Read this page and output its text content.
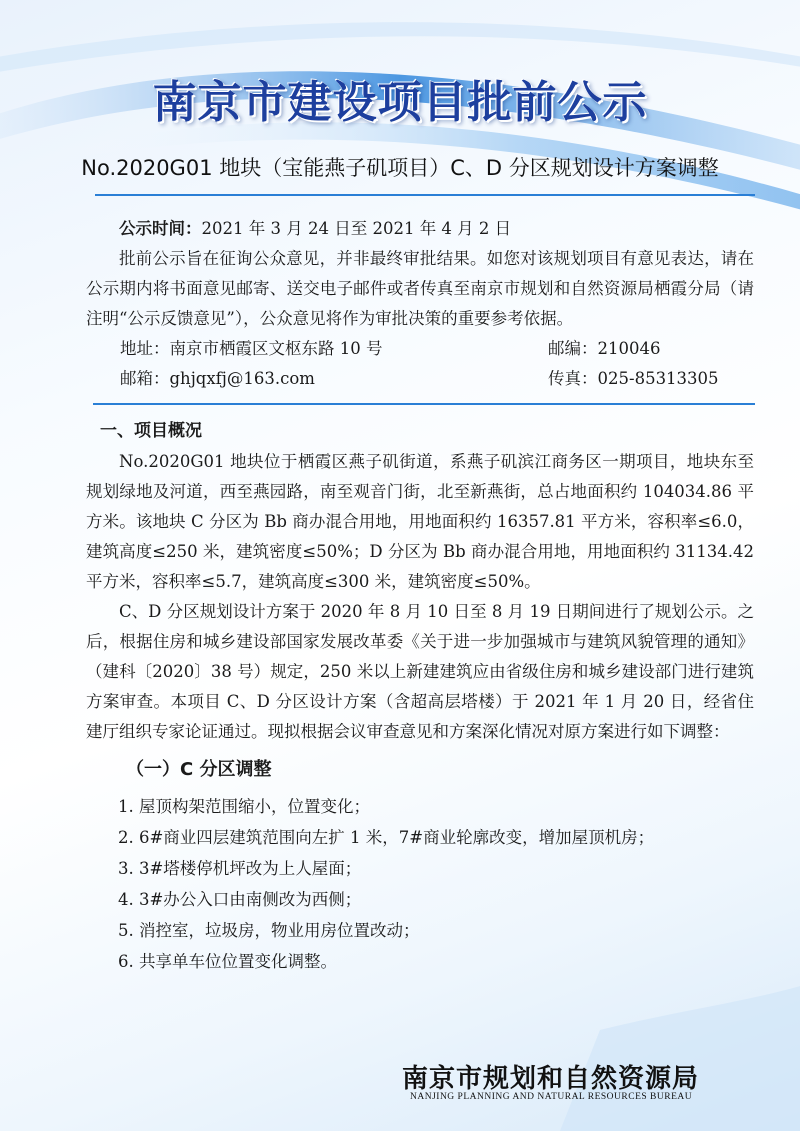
南京市建设项目批前公示
No.2020G01 地块（宝能燕子矶项目）C、D 分区规划设计方案调整

公示时间：2021 年 3 月 24 日至 2021 年 4 月 2 日

批前公示旨在征询公众意见，并非最终审批结果。如您对该规划项目有意见表达，请在公示期内将书面意见邮寄、送交电子邮件或者传真至南京市规划和自然资源局栖霞分局（请注明“公示反馈意见”），公众意见将作为审批决策的重要参考依据。

地址：南京市栖霞区文枢东路 10 号	邮编：210046
邮箱：ghjqxfj@163.com	传真：025-85313305

一、项目概况

No.2020G01 地块位于栖霞区燕子矶街道，系燕子矶滨江商务区一期项目，地块东至规划绿地及河道，西至燕园路，南至观音门街，北至新燕街，总占地面积约 104034.86 平方米。该地块 C 分区为 Bb 商办混合用地，用地面积约 16357.81 平方米，容积率≤6.0，建筑高度≤250 米，建筑密度≤50%；D 分区为 Bb 商办混合用地，用地面积约 31134.42 平方米，容积率≤5.7，建筑高度≤300 米，建筑密度≤50%。

C、D 分区规划设计方案于 2020 年 8 月 10 日至 8 月 19 日期间进行了规划公示。之后，根据住房和城乡建设部国家发展改革委《关于进一步加强城市与建筑风貌管理的通知》（建科〔2020〕38 号）规定，250 米以上新建建筑应由省级住房和城乡建设部门进行建筑方案审查。本项目 C、D 分区设计方案（含超高层塔楼）于 2021 年 1 月 20 日，经省住建厅组织专家论证通过。现拟根据会议审查意见和方案深化情况对原方案进行如下调整：

（一）C 分区调整

1. 屋顶构架范围缩小，位置变化；

2. 6#商业四层建筑范围向左扩 1 米，7#商业轮廓改变，增加屋顶机房；

3. 3#塔楼停机坪改为上人屋面；

4. 3#办公入口由南侧改为西侧；

5. 消控室，垃圾房，物业用房位置改动；

6. 共享单车位位置变化调整。

南京市规划和自然资源局
NANJING PLANNING AND NATURAL RESOURCES BUREAU
